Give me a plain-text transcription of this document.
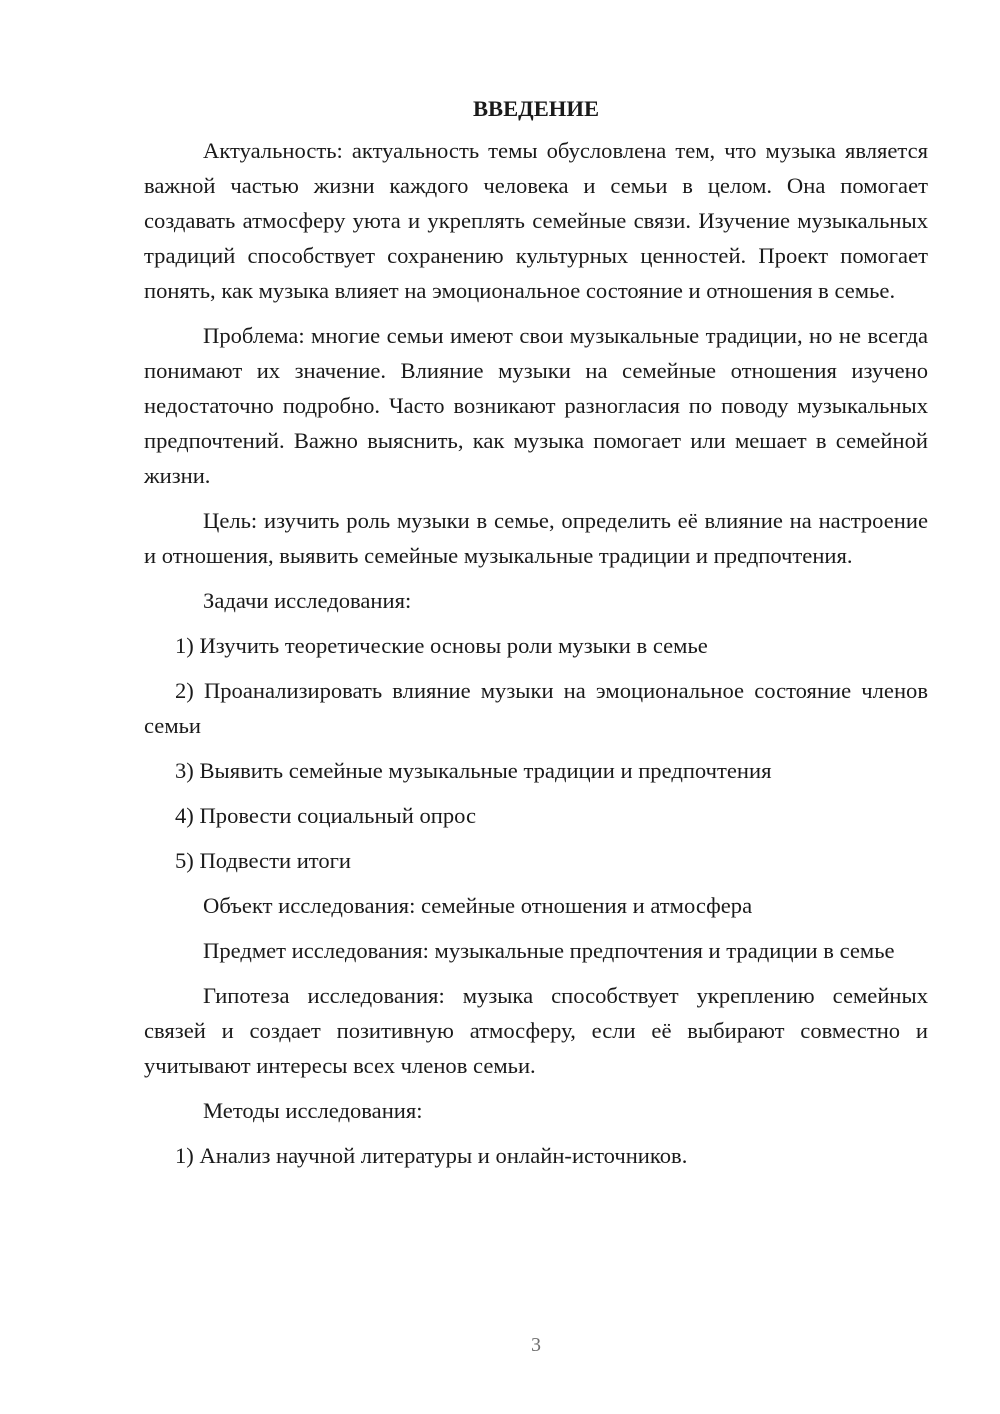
ВВЕДЕНИЕ

Актуальность: актуальность темы обусловлена тем, что музыка является важной частью жизни каждого человека и семьи в целом. Она помогает создавать атмосферу уюта и укреплять семейные связи. Изучение музыкальных традиций способствует сохранению культурных ценностей. Проект помогает понять, как музыка влияет на эмоциональное состояние и отношения в семье.

Проблема: многие семьи имеют свои музыкальные традиции, но не всегда понимают их значение. Влияние музыки на семейные отношения изучено недостаточно подробно. Часто возникают разногласия по поводу музыкальных предпочтений. Важно выяснить, как музыка помогает или мешает в семейной жизни.

Цель: изучить роль музыки в семье, определить её влияние на настроение и отношения, выявить семейные музыкальные традиции и предпочтения.

Задачи исследования:

1) Изучить теоретические основы роли музыки в семье

2) Проанализировать влияние музыки на эмоциональное состояние членов семьи

3) Выявить семейные музыкальные традиции и предпочтения

4) Провести социальный опрос

5) Подвести итоги

Объект исследования: семейные отношения и атмосфера

Предмет исследования: музыкальные предпочтения и традиции в семье

Гипотеза исследования: музыка способствует укреплению семейных связей и создает позитивную атмосферу, если её выбирают совместно и учитывают интересы всех членов семьи.

Методы исследования:

1) Анализ научной литературы и онлайн-источников.

3
